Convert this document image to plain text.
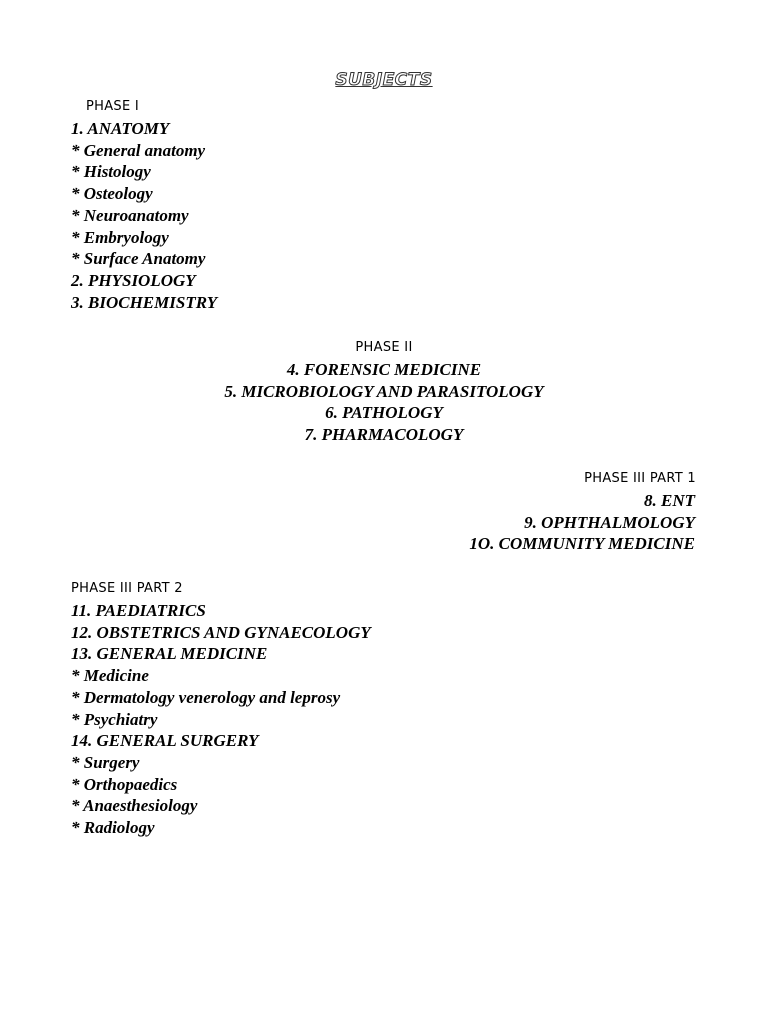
SUBJECTS
PHASE I
1. ANATOMY
* General anatomy
* Histology
* Osteology
* Neuroanatomy
* Embryology
* Surface Anatomy
2. PHYSIOLOGY
3. BIOCHEMISTRY
PHASE II
4. FORENSIC MEDICINE
5. MICROBIOLOGY AND PARASITOLOGY
6. PATHOLOGY
7. PHARMACOLOGY
PHASE III PART 1
8. ENT
9. OPHTHALMOLOGY
1O. COMMUNITY MEDICINE
PHASE III PART 2
11. PAEDIATRICS
12. OBSTETRICS AND GYNAECOLOGY
13. GENERAL MEDICINE
* Medicine
* Dermatology venerology and leprosy
* Psychiatry
14. GENERAL SURGERY
* Surgery
* Orthopaedics
* Anaesthesiology
* Radiology
